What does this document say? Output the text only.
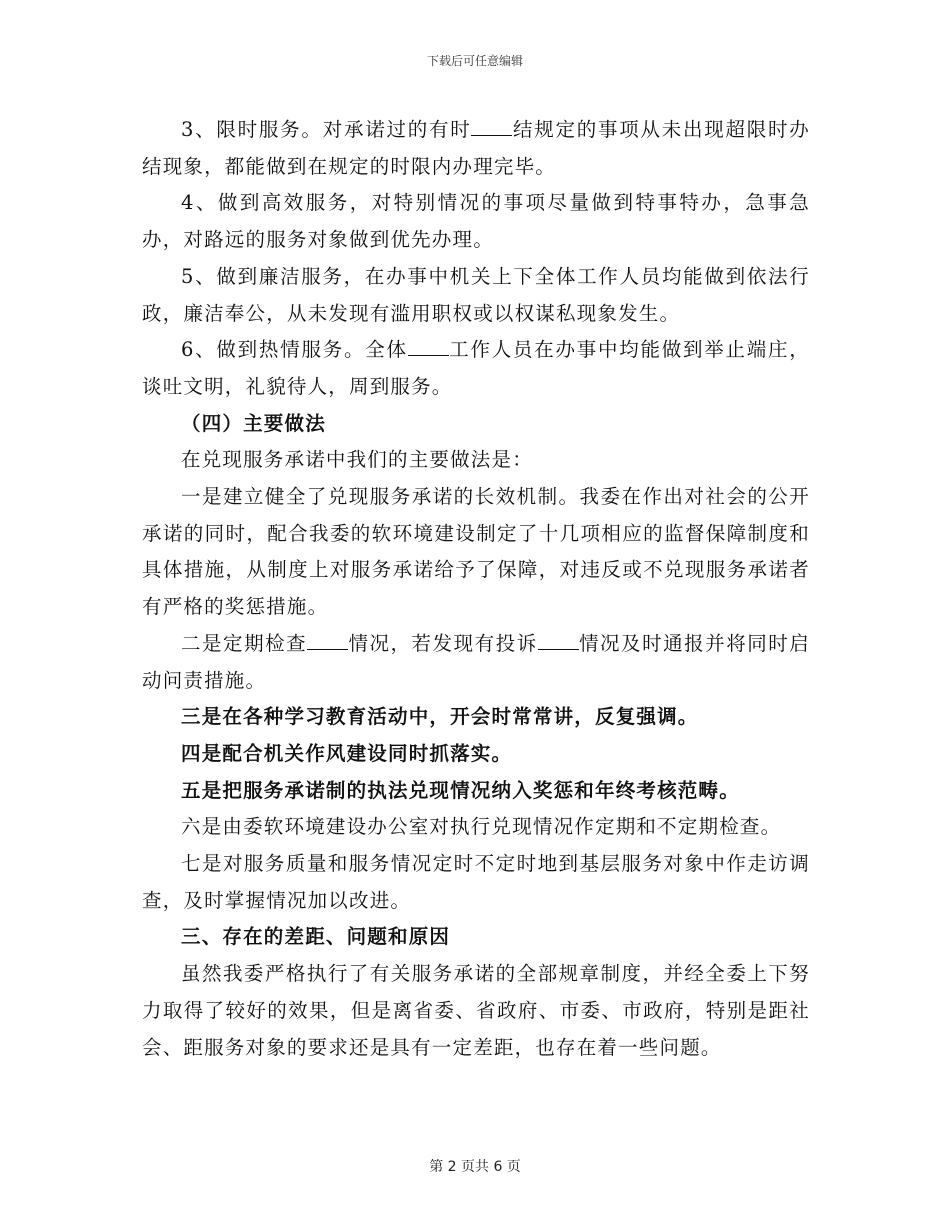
下载后可任意编辑

3、限时服务。对承诺过的有时 结规定的事项从未出现超限时办结现象，都能做到在规定的时限内办理完毕。

4、做到高效服务，对特别情况的事项尽量做到特事特办，急事急办，对路远的服务对象做到优先办理。

5、做到廉洁服务，在办事中机关上下全体工作人员均能做到依法行政，廉洁奉公，从未发现有滥用职权或以权谋私现象发生。

6、做到热情服务。全体 工作人员在办事中均能做到举止端庄，谈吐文明，礼貌待人，周到服务。

（四）主要做法

在兑现服务承诺中我们的主要做法是：

一是建立健全了兑现服务承诺的长效机制。我委在作出对社会的公开承诺的同时，配合我委的软环境建设制定了十几项相应的监督保障制度和具体措施，从制度上对服务承诺给予了保障，对违反或不兑现服务承诺者有严格的奖惩措施。

二是定期检查 情况，若发现有投诉 情况及时通报并将同时启动问责措施。

三是在各种学习教育活动中，开会时常常讲，反复强调。

四是配合机关作风建设同时抓落实。

五是把服务承诺制的执法兑现情况纳入奖惩和年终考核范畴。

六是由委软环境建设办公室对执行兑现情况作定期和不定期检查。

七是对服务质量和服务情况定时不定时地到基层服务对象中作走访调查，及时掌握情况加以改进。

三、存在的差距、问题和原因

虽然我委严格执行了有关服务承诺的全部规章制度，并经全委上下努力取得了较好的效果，但是离省委、省政府、市委、市政府，特别是距社会、距服务对象的要求还是具有一定差距，也存在着一些问题。

第 2 页共 6 页
